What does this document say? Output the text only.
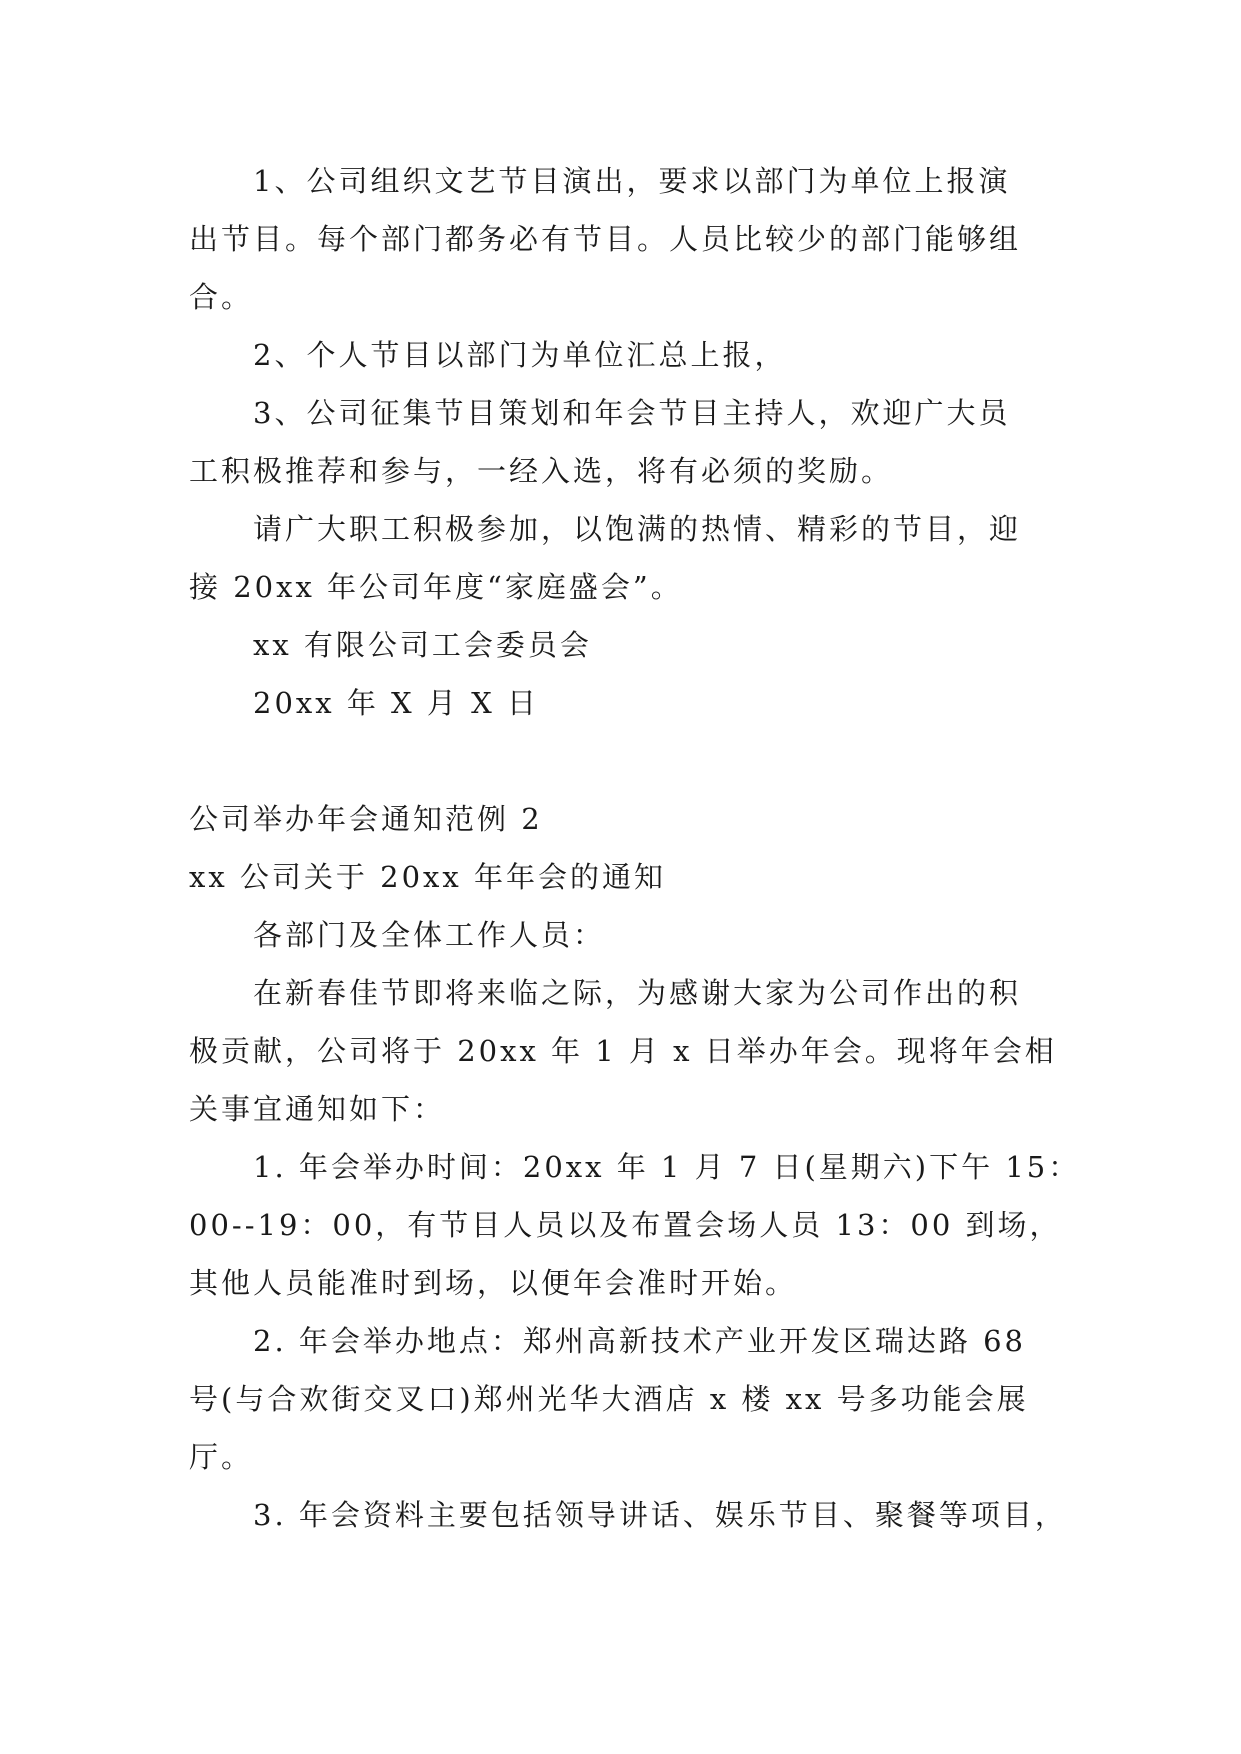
1、公司组织文艺节目演出，要求以部门为单位上报演
出节目。每个部门都务必有节目。人员比较少的部门能够组
合。
2、个人节目以部门为单位汇总上报，
3、公司征集节目策划和年会节目主持人，欢迎广大员
工积极推荐和参与，一经入选，将有必须的奖励。
请广大职工积极参加，以饱满的热情、精彩的节目，迎
接 20xx 年公司年度“家庭盛会”。
xx 有限公司工会委员会
20xx 年 X 月 X 日
公司举办年会通知范例 2
xx 公司关于 20xx 年年会的通知
各部门及全体工作人员：
在新春佳节即将来临之际，为感谢大家为公司作出的积
极贡献，公司将于 20xx 年 1 月 x 日举办年会。现将年会相
关事宜通知如下：
1. 年会举办时间：20xx 年 1 月 7 日(星期六)下午 15：
00--19：00，有节目人员以及布置会场人员 13：00 到场，
其他人员能准时到场，以便年会准时开始。
2. 年会举办地点：郑州高新技术产业开发区瑞达路 68
号(与合欢街交叉口)郑州光华大酒店 x 楼 xx 号多功能会展
厅。
3. 年会资料主要包括领导讲话、娱乐节目、聚餐等项目，
